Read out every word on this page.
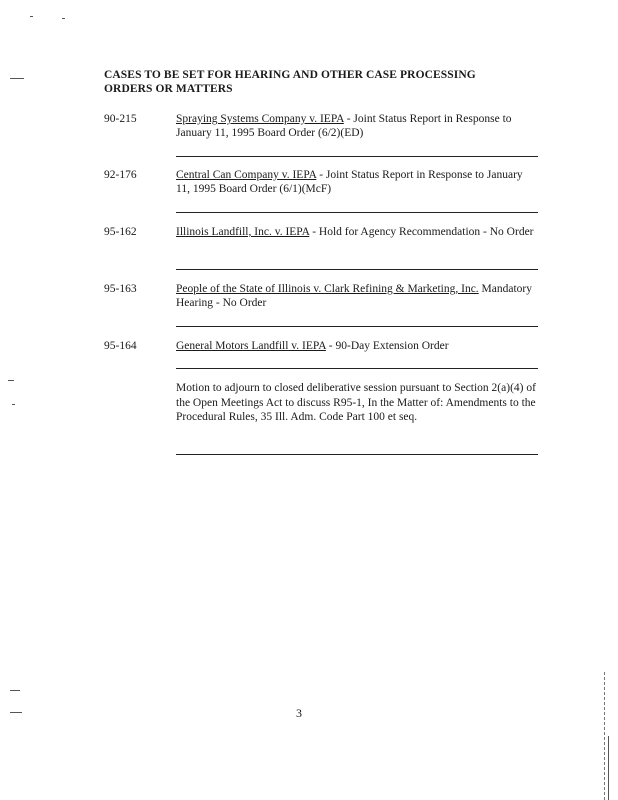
CASES TO BE SET FOR HEARING AND OTHER CASE PROCESSING
ORDERS OR MATTERS
90-215	Spraying Systems Company v. IEPA - Joint Status Report in Response to January 11, 1995 Board Order (6/2)(ED)
92-176	Central Can Company v. IEPA - Joint Status Report in Response to January 11, 1995 Board Order (6/1)(McF)
95-162	Illinois Landfill, Inc. v. IEPA - Hold for Agency Recommendation - No Order
95-163	People of the State of Illinois v. Clark Refining & Marketing, Inc. Mandatory Hearing - No Order
95-164	General Motors Landfill v. IEPA - 90-Day Extension Order
Motion to adjourn to closed deliberative session pursuant to Section 2(a)(4) of the Open Meetings Act to discuss R95-1, In the Matter of: Amendments to the Procedural Rules, 35 Ill. Adm. Code Part 100 et seq.
3
